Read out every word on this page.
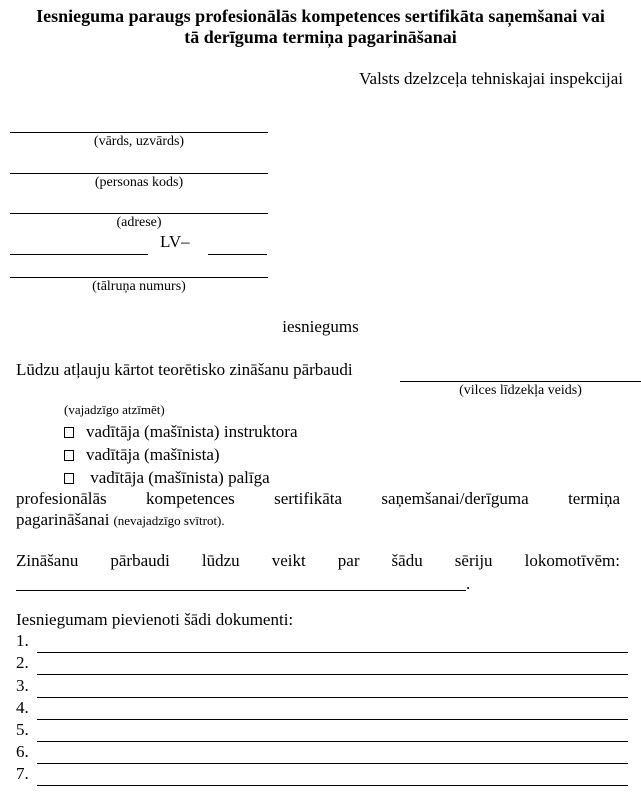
Iesnieguma paraugs profesionālās kompetences sertifikāta saņemšanai vai
tā derīguma termiņa pagarināšanai
Valsts dzelzceļa tehniskajai inspekcijai
(vārds, uzvārds)
(personas kods)
(adrese)
LV–
(tālruņa numurs)
iesniegums
Lūdzu atļauju kārtot teorētisko zināšanu pārbaudi
(vilces līdzekļa veids)
(vajadzīgo atzīmēt)
vadītāja (mašīnista) instruktora
vadītāja (mašīnista)
vadītāja (mašīnista) palīga
profesionālās kompetences sertifikāta saņemšanai/derīguma termiņa
pagarināšanai (nevajadzīgo svītrot).
Zināšanu pārbaudi lūdzu veikt par šādu sēriju lokomotīvēm:
.
Iesniegumam pievienoti šādi dokumenti:
1.
2.
3.
4.
5.
6.
7.
